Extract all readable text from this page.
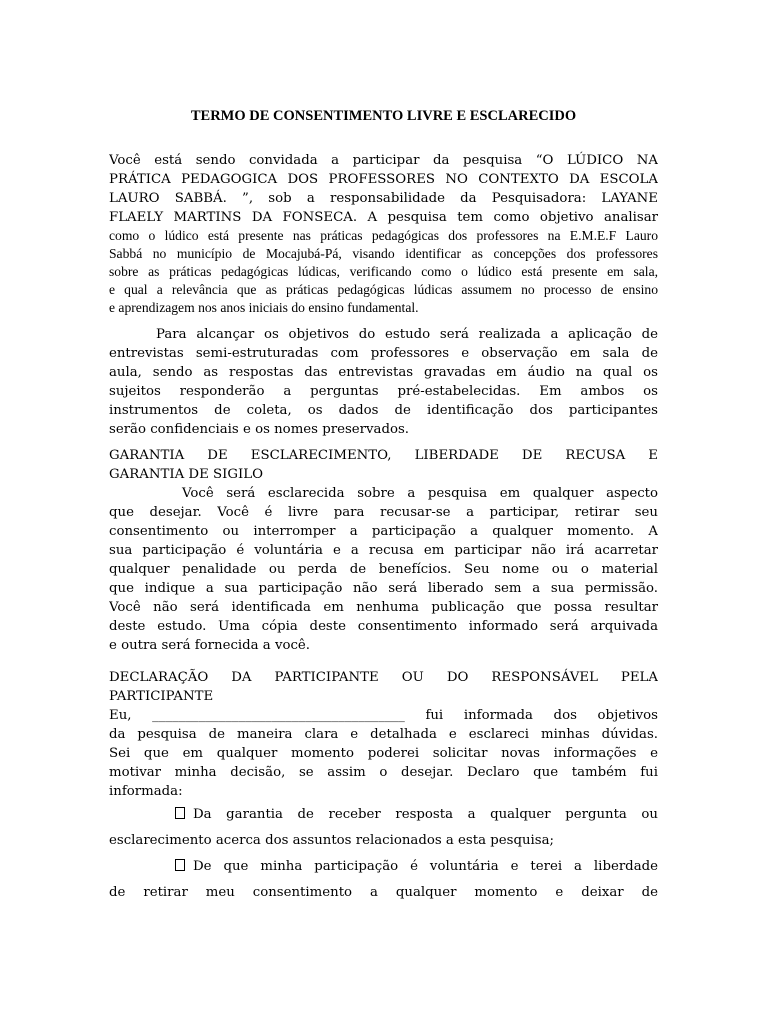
TERMO DE CONSENTIMENTO LIVRE E ESCLARECIDO
Você está sendo convidada a participar da pesquisa “O LÚDICO NA
PRÁTICA PEDAGOGICA DOS PROFESSORES NO CONTEXTO DA ESCOLA
LAURO SABBÁ. ”, sob a responsabilidade da Pesquisadora: LAYANE
FLAELY MARTINS DA FONSECA. A pesquisa tem como objetivo analisar
como o lúdico está presente nas práticas pedagógicas dos professores na E.M.E.F Lauro
Sabbá no município de Mocajubá-Pá, visando identificar as concepções dos professores
sobre as práticas pedagógicas lúdicas, verificando como o lúdico está presente em sala,
e qual a relevância que as práticas pedagógicas lúdicas assumem no processo de ensino
e aprendizagem nos anos iniciais do ensino fundamental.
Para alcançar os objetivos do estudo será realizada a aplicação de
entrevistas semi-estruturadas com professores e observação em sala de
aula, sendo as respostas das entrevistas gravadas em áudio na qual os
sujeitos responderão a perguntas pré-estabelecidas. Em ambos os
instrumentos de coleta, os dados de identificação dos participantes
serão confidenciais e os nomes preservados.
GARANTIA DE ESCLARECIMENTO, LIBERDADE DE RECUSA E
GARANTIA DE SIGILO
Você será esclarecida sobre a pesquisa em qualquer aspecto
que desejar. Você é livre para recusar-se a participar, retirar seu
consentimento ou interromper a participação a qualquer momento. A
sua participação é voluntária e a recusa em participar não irá acarretar
qualquer penalidade ou perda de benefícios. Seu nome ou o material
que indique a sua participação não será liberado sem a sua permissão.
Você não será identificada em nenhuma publicação que possa resultar
deste estudo. Uma cópia deste consentimento informado será arquivada
e outra será fornecida a você.
DECLARAÇÃO DA PARTICIPANTE OU DO RESPONSÁVEL PELA
PARTICIPANTE
Eu, ______________________________________ fui informada dos objetivos
da pesquisa de maneira clara e detalhada e esclareci minhas dúvidas.
Sei que em qualquer momento poderei solicitar novas informações e
motivar minha decisão, se assim o desejar. Declaro que também fui
informada:
Da garantia de receber resposta a qualquer pergunta ou
esclarecimento acerca dos assuntos relacionados a esta pesquisa;
De que minha participação é voluntária e terei a liberdade
de retirar meu consentimento a qualquer momento e deixar de
